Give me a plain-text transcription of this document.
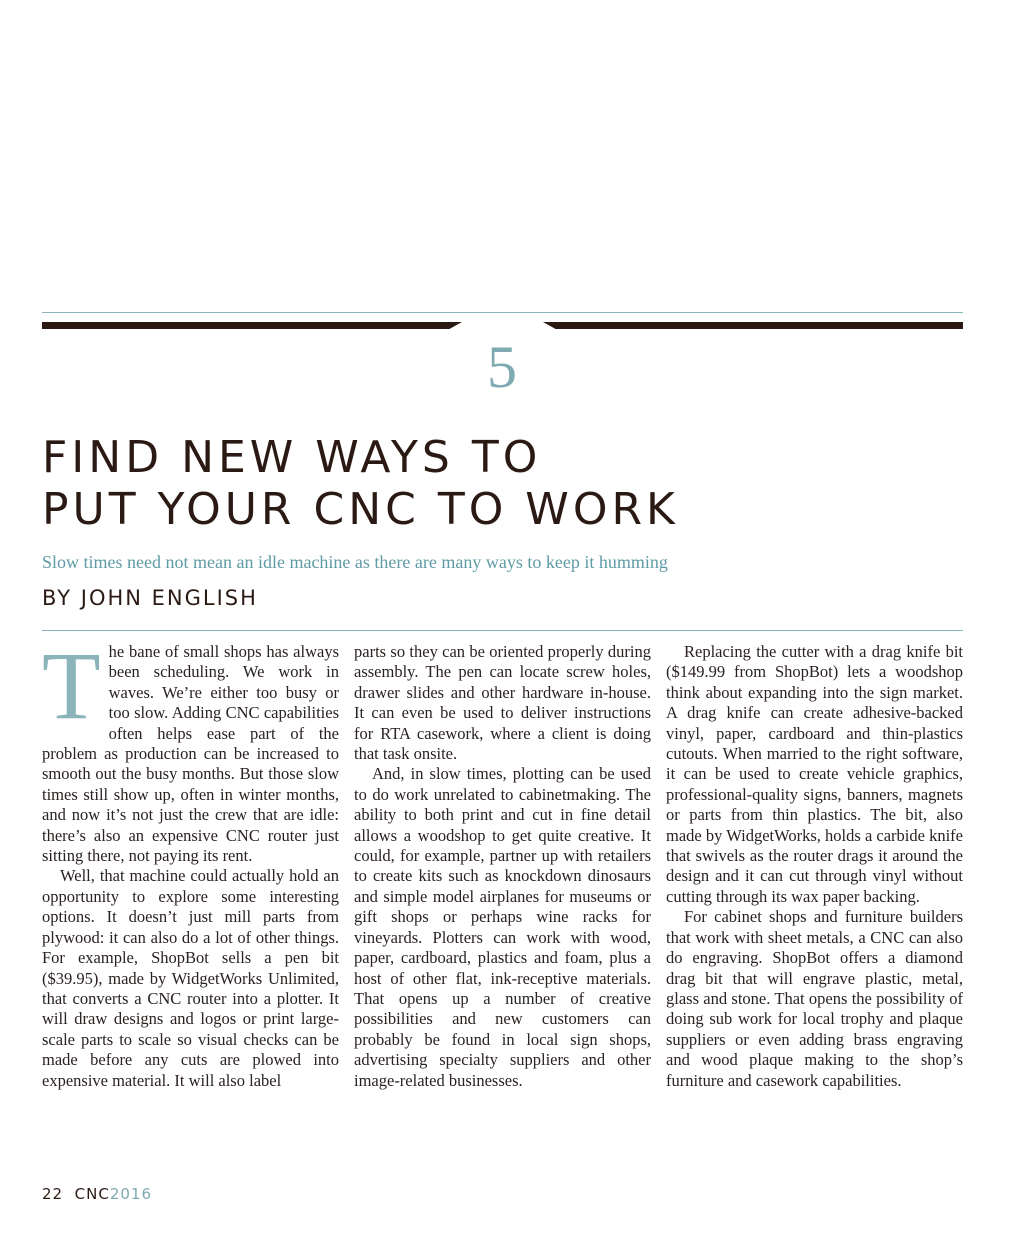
5
FIND NEW WAYS TO
PUT YOUR CNC TO WORK
Slow times need not mean an idle machine as there are many ways to keep it humming
BY JOHN ENGLISH

The bane of small shops has always been scheduling. We work in waves. We’re either too busy or too slow. Adding CNC capabilities often helps ease part of the problem as production can be increased to smooth out the busy months. But those slow times still show up, often in winter months, and now it’s not just the crew that are idle: there’s also an expensive CNC router just sitting there, not paying its rent.

Well, that machine could actually hold an opportunity to explore some interesting options. It doesn’t just mill parts from plywood: it can also do a lot of other things. For example, ShopBot sells a pen bit ($39.95), made by WidgetWorks Unlimited, that converts a CNC router into a plotter. It will draw designs and logos or print large-scale parts to scale so visual checks can be made before any cuts are plowed into expensive material. It will also label

parts so they can be oriented properly during assembly. The pen can locate screw holes, drawer slides and other hardware in-house. It can even be used to deliver instructions for RTA casework, where a client is doing that task onsite.

And, in slow times, plotting can be used to do work unrelated to cabinetmaking. The ability to both print and cut in fine detail allows a woodshop to get quite creative. It could, for example, partner up with retailers to create kits such as knockdown dinosaurs and simple model airplanes for museums or gift shops or perhaps wine racks for vineyards. Plotters can work with wood, paper, cardboard, plastics and foam, plus a host of other flat, ink-receptive materials. That opens up a number of creative possibilities and new customers can probably be found in local sign shops, advertising specialty suppliers and other image-related businesses.

Replacing the cutter with a drag knife bit ($149.99 from ShopBot) lets a woodshop think about expanding into the sign market. A drag knife can create adhesive-backed vinyl, paper, cardboard and thin-plastics cutouts. When married to the right software, it can be used to create vehicle graphics, professional-quality signs, banners, magnets or parts from thin plastics. The bit, also made by WidgetWorks, holds a carbide knife that swivels as the router drags it around the design and it can cut through vinyl without cutting through its wax paper backing.

For cabinet shops and furniture builders that work with sheet metals, a CNC can also do engraving. ShopBot offers a diamond drag bit that will engrave plastic, metal, glass and stone. That opens the possibility of doing sub work for local trophy and plaque suppliers or even adding brass engraving and wood plaque making to the shop’s furniture and casework capabilities.

22 CNC2016
